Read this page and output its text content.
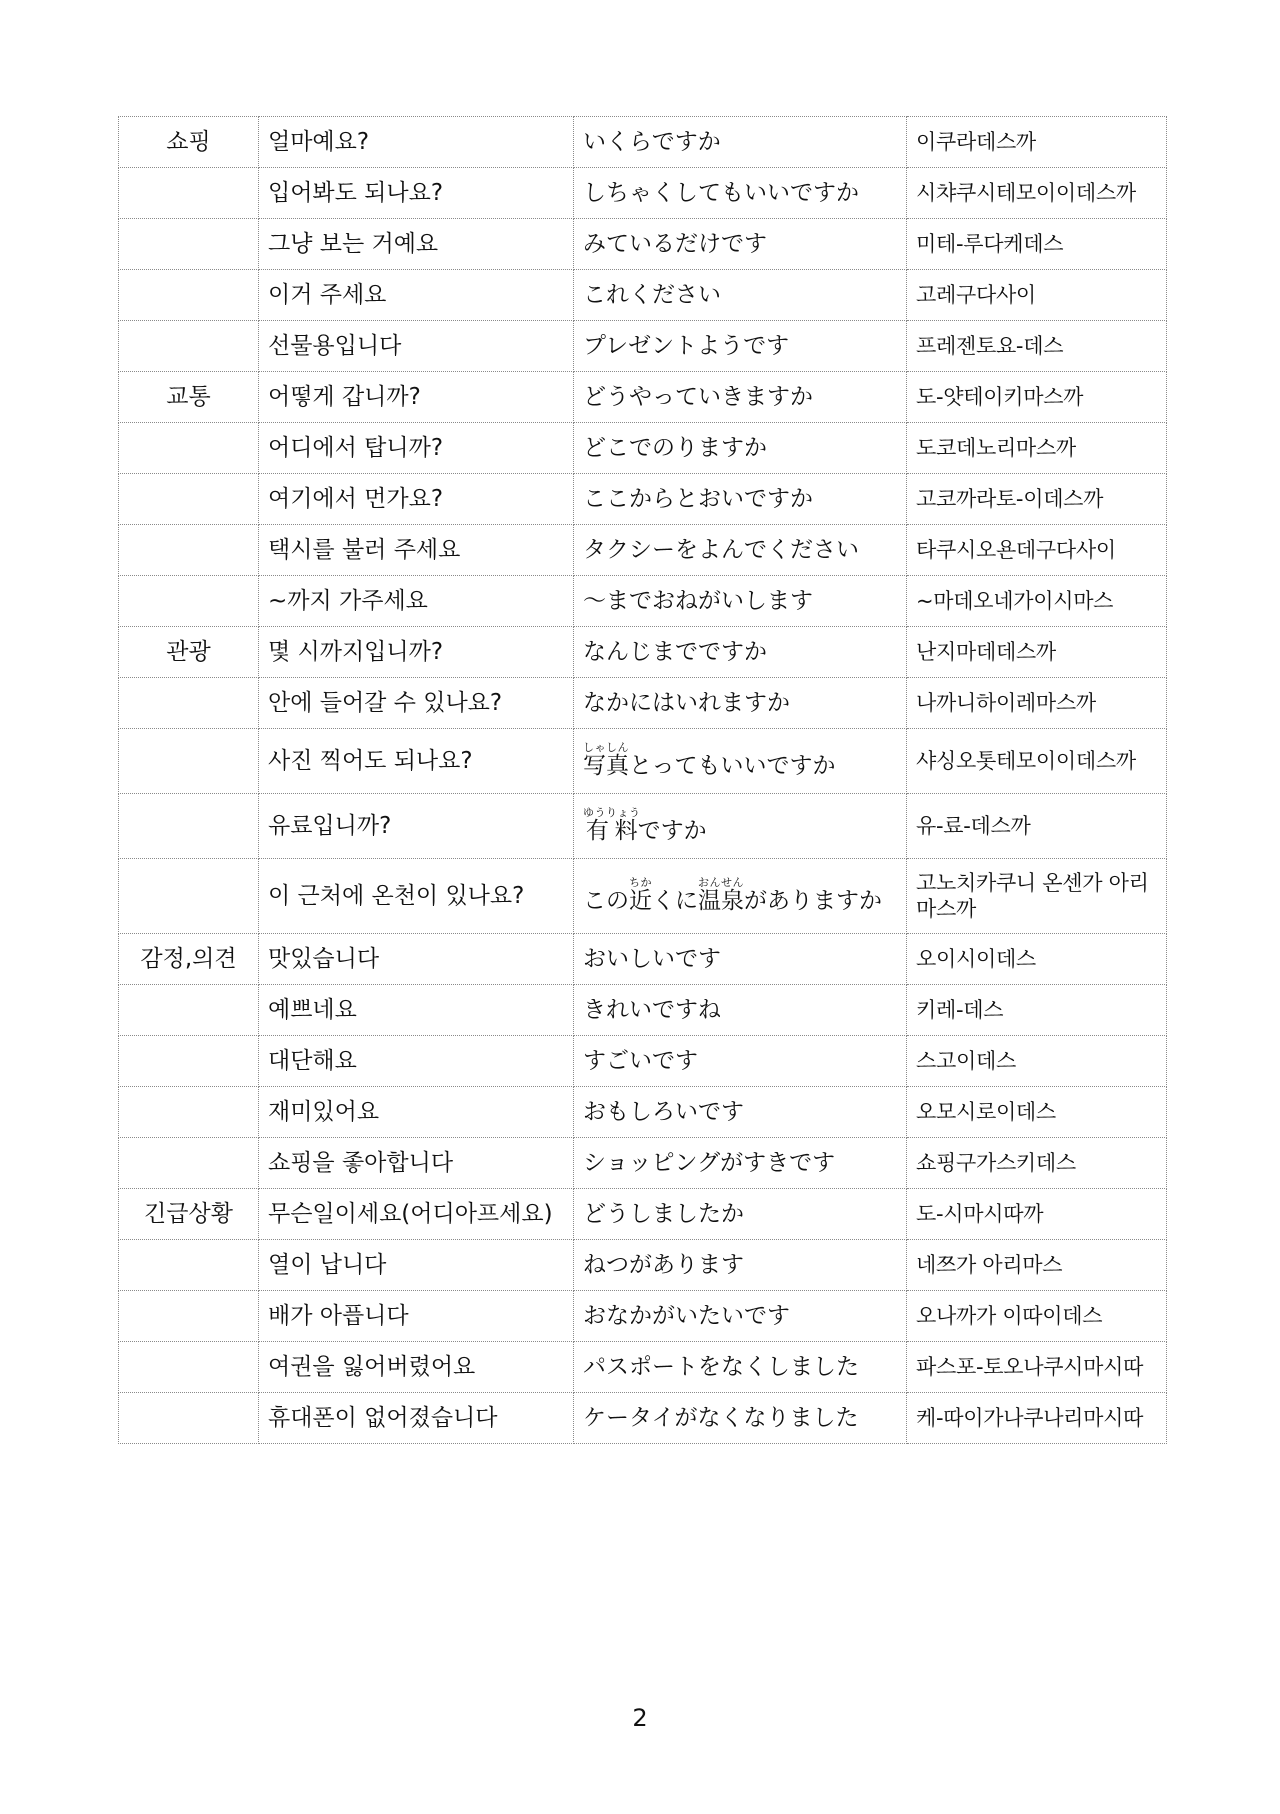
쇼핑	얼마예요?	いくらですか	이쿠라데스까
	입어봐도 되나요?	しちゃくしてもいいですか	시챠쿠시테모이이데스까
	그냥 보는 거예요	みているだけです	미테-루다케데스
	이거 주세요	これください	고레구다사이
	선물용입니다	プレゼントようです	프레젠토요-데스
교통	어떻게 갑니까?	どうやっていきますか	도-얏테이키마스까
	어디에서 탑니까?	どこでのりますか	도코데노리마스까
	여기에서 먼가요?	ここからとおいですか	고코까라토-이데스까
	택시를 불러 주세요	タクシーをよんでください	타쿠시오욘데구다사이
	~까지 가주세요	～までおねがいします	~마데오네가이시마스
관광	몇 시까지입니까?	なんじまでですか	난지마데데스까
	안에 들어갈 수 있나요?	なかにはいれますか	나까니하이레마스까
	사진 찍어도 되나요?	写真しゃしんとってもいいですか	샤싱오톳테모이이데스까
	유료입니까?	有料ゆうりょうですか	유-료-데스까
	이 근처에 온천이 있나요?	この近ちかくに温泉おんせんがありますか	고노치카쿠니 온센가 아리마스까
감정,의견	맛있습니다	おいしいです	오이시이데스
	예쁘네요	きれいですね	키레-데스
	대단해요	すごいです	스고이데스
	재미있어요	おもしろいです	오모시로이데스
	쇼핑을 좋아합니다	ショッピングがすきです	쇼핑구가스키데스
긴급상황	무슨일이세요(어디아프세요)	どうしましたか	도-시마시따까
	열이 납니다	ねつがあります	네쯔가 아리마스
	배가 아픕니다	おなかがいたいです	오나까가 이따이데스
	여권을 잃어버렸어요	パスポートをなくしました	파스포-토오나쿠시마시따
	휴대폰이 없어졌습니다	ケータイがなくなりました	케-따이가나쿠나리마시따
2
